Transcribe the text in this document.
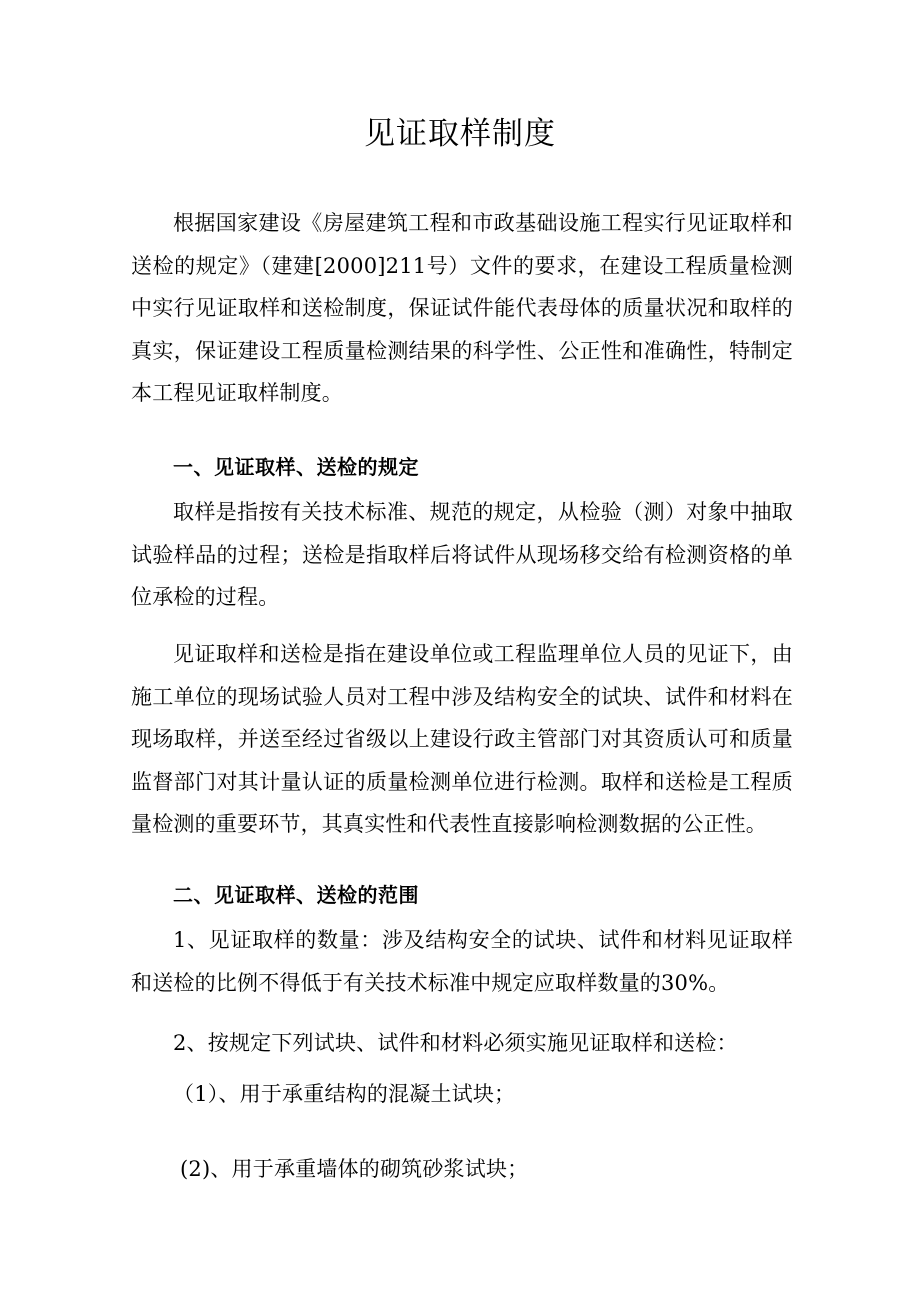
见证取样制度
根据国家建设《房屋建筑工程和市政基础设施工程实行见证取样和送检的规定》（建建[2000]211号）文件的要求，在建设工程质量检测中实行见证取样和送检制度，保证试件能代表母体的质量状况和取样的真实，保证建设工程质量检测结果的科学性、公正性和准确性，特制定本工程见证取样制度。
一、见证取样、送检的规定
取样是指按有关技术标准、规范的规定，从检验（测）对象中抽取试验样品的过程；送检是指取样后将试件从现场移交给有检测资格的单位承检的过程。
见证取样和送检是指在建设单位或工程监理单位人员的见证下，由施工单位的现场试验人员对工程中涉及结构安全的试块、试件和材料在现场取样，并送至经过省级以上建设行政主管部门对其资质认可和质量监督部门对其计量认证的质量检测单位进行检测。取样和送检是工程质量检测的重要环节，其真实性和代表性直接影响检测数据的公正性。
二、见证取样、送检的范围
1、见证取样的数量：涉及结构安全的试块、试件和材料见证取样和送检的比例不得低于有关技术标准中规定应取样数量的30%。
2、按规定下列试块、试件和材料必须实施见证取样和送检：
（1）、用于承重结构的混凝土试块；
(2)、用于承重墙体的砌筑砂浆试块；
